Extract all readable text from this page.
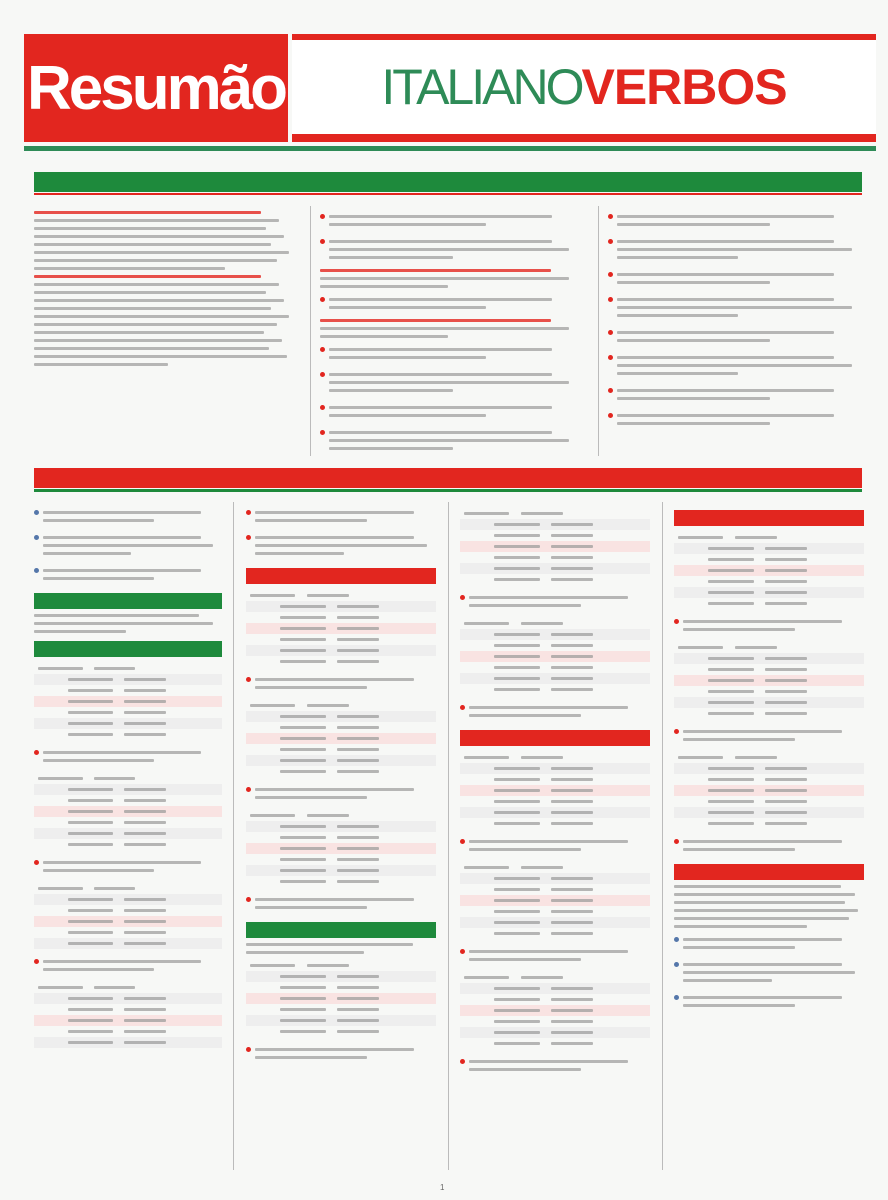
Resumão ITALIANO VERBOS
1
